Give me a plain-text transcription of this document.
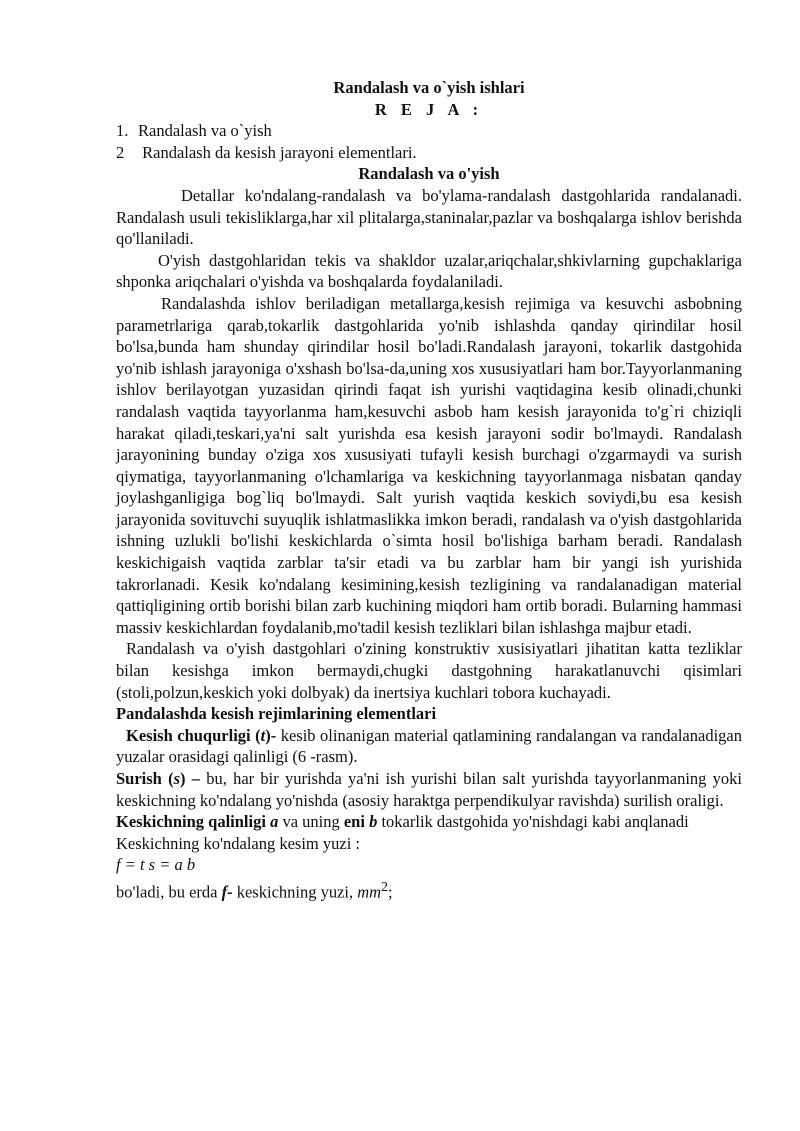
Randalash va o`yish ishlari
R E J A :
1. Randalash va o`yish
2 Randalash da kesish jarayoni elementlari.
Randalash va o'yish

Detallar ko'ndalang-randalash va bo'ylama-randalash dastgohlarida randalanadi. Randalash usuli tekisliklarga,har xil plitalarga,staninalar,pazlar va boshqalarga ishlov berishda qo'llaniladi.

O'yish dastgohlaridan tekis va shakldor uzalar,ariqchalar,shkivlarning gupchaklariga shponka ariqchalari o'yishda va boshqalarda foydalaniladi.

Randalashda ishlov beriladigan metallarga,kesish rejimiga va kesuvchi asbobning parametrlariga qarab,tokarlik dastgohlarida yo'nib ishlashda qanday qirindilar hosil bo'lsa,bunda ham shunday qirindilar hosil bo'ladi.Randalash jarayoni, tokarlik dastgohida yo'nib ishlash jarayoniga o'xshash bo'lsa-da,uning xos xususiyatlari ham bor.Tayyorlanmaning ishlov berilayotgan yuzasidan qirindi faqat ish yurishi vaqtidagina kesib olinadi,chunki randalash vaqtida tayyorlanma ham,kesuvchi asbob ham kesish jarayonida to'g`ri chiziqli harakat qiladi,teskari,ya'ni salt yurishda esa kesish jarayoni sodir bo'lmaydi. Randalash jarayonining bunday o'ziga xos xususiyati tufayli kesish burchagi o'zgarmaydi va surish qiymatiga, tayyorlanmaning o'lchamlariga va keskichning tayyorlanmaga nisbatan qanday joylashganligiga bog`liq bo'lmaydi. Salt yurish vaqtida keskich soviydi,bu esa kesish jarayonida sovituvchi suyuqlik ishlatmaslikka imkon beradi, randalash va o'yish dastgohlarida ishning uzlukli bo'lishi keskichlarda o`simta hosil bo'lishiga barham beradi. Randalash keskichigaish vaqtida zarblar ta'sir etadi va bu zarblar ham bir yangi ish yurishida takrorlanadi. Kesik ko'ndalang kesimining,kesish tezligining va randalanadigan material qattiqligining ortib borishi bilan zarb kuchining miqdori ham ortib boradi. Bularning hammasi massiv keskichlardan foydalanib,mo'tadil kesish tezliklari bilan ishlashga majbur etadi.

Randalash va o'yish dastgohlari o'zining konstruktiv xusisiyatlari jihatitan katta tezliklar bilan kesishga imkon bermaydi,chugki dastgohning harakatlanuvchi qisimlari (stoli,polzun,keskich yoki dolbyak) da inertsiya kuchlari tobora kuchayadi.

Pandalashda kesish rejimlarining elementlari

Kesish chuqurligi (t)- kesib olinanigan material qatlamining randalangan va randalanadigan yuzalar orasidagi qalinligi (6 -rasm).

Surish (s) – bu, har bir yurishda ya'ni ish yurishi bilan salt yurishda tayyorlanmaning yoki keskichning ko'ndalang yo'nishda (asosiy haraktga perpendikulyar ravishda) surilish oraligi.

Keskichning qalinligi a va uning eni b tokarlik dastgohida yo'nishdagi kabi anqlanadi

Keskichning ko'ndalang kesim yuzi :
f = t s = a b
bo'ladi, bu erda f- keskichning yuzi, $mm^2$;
